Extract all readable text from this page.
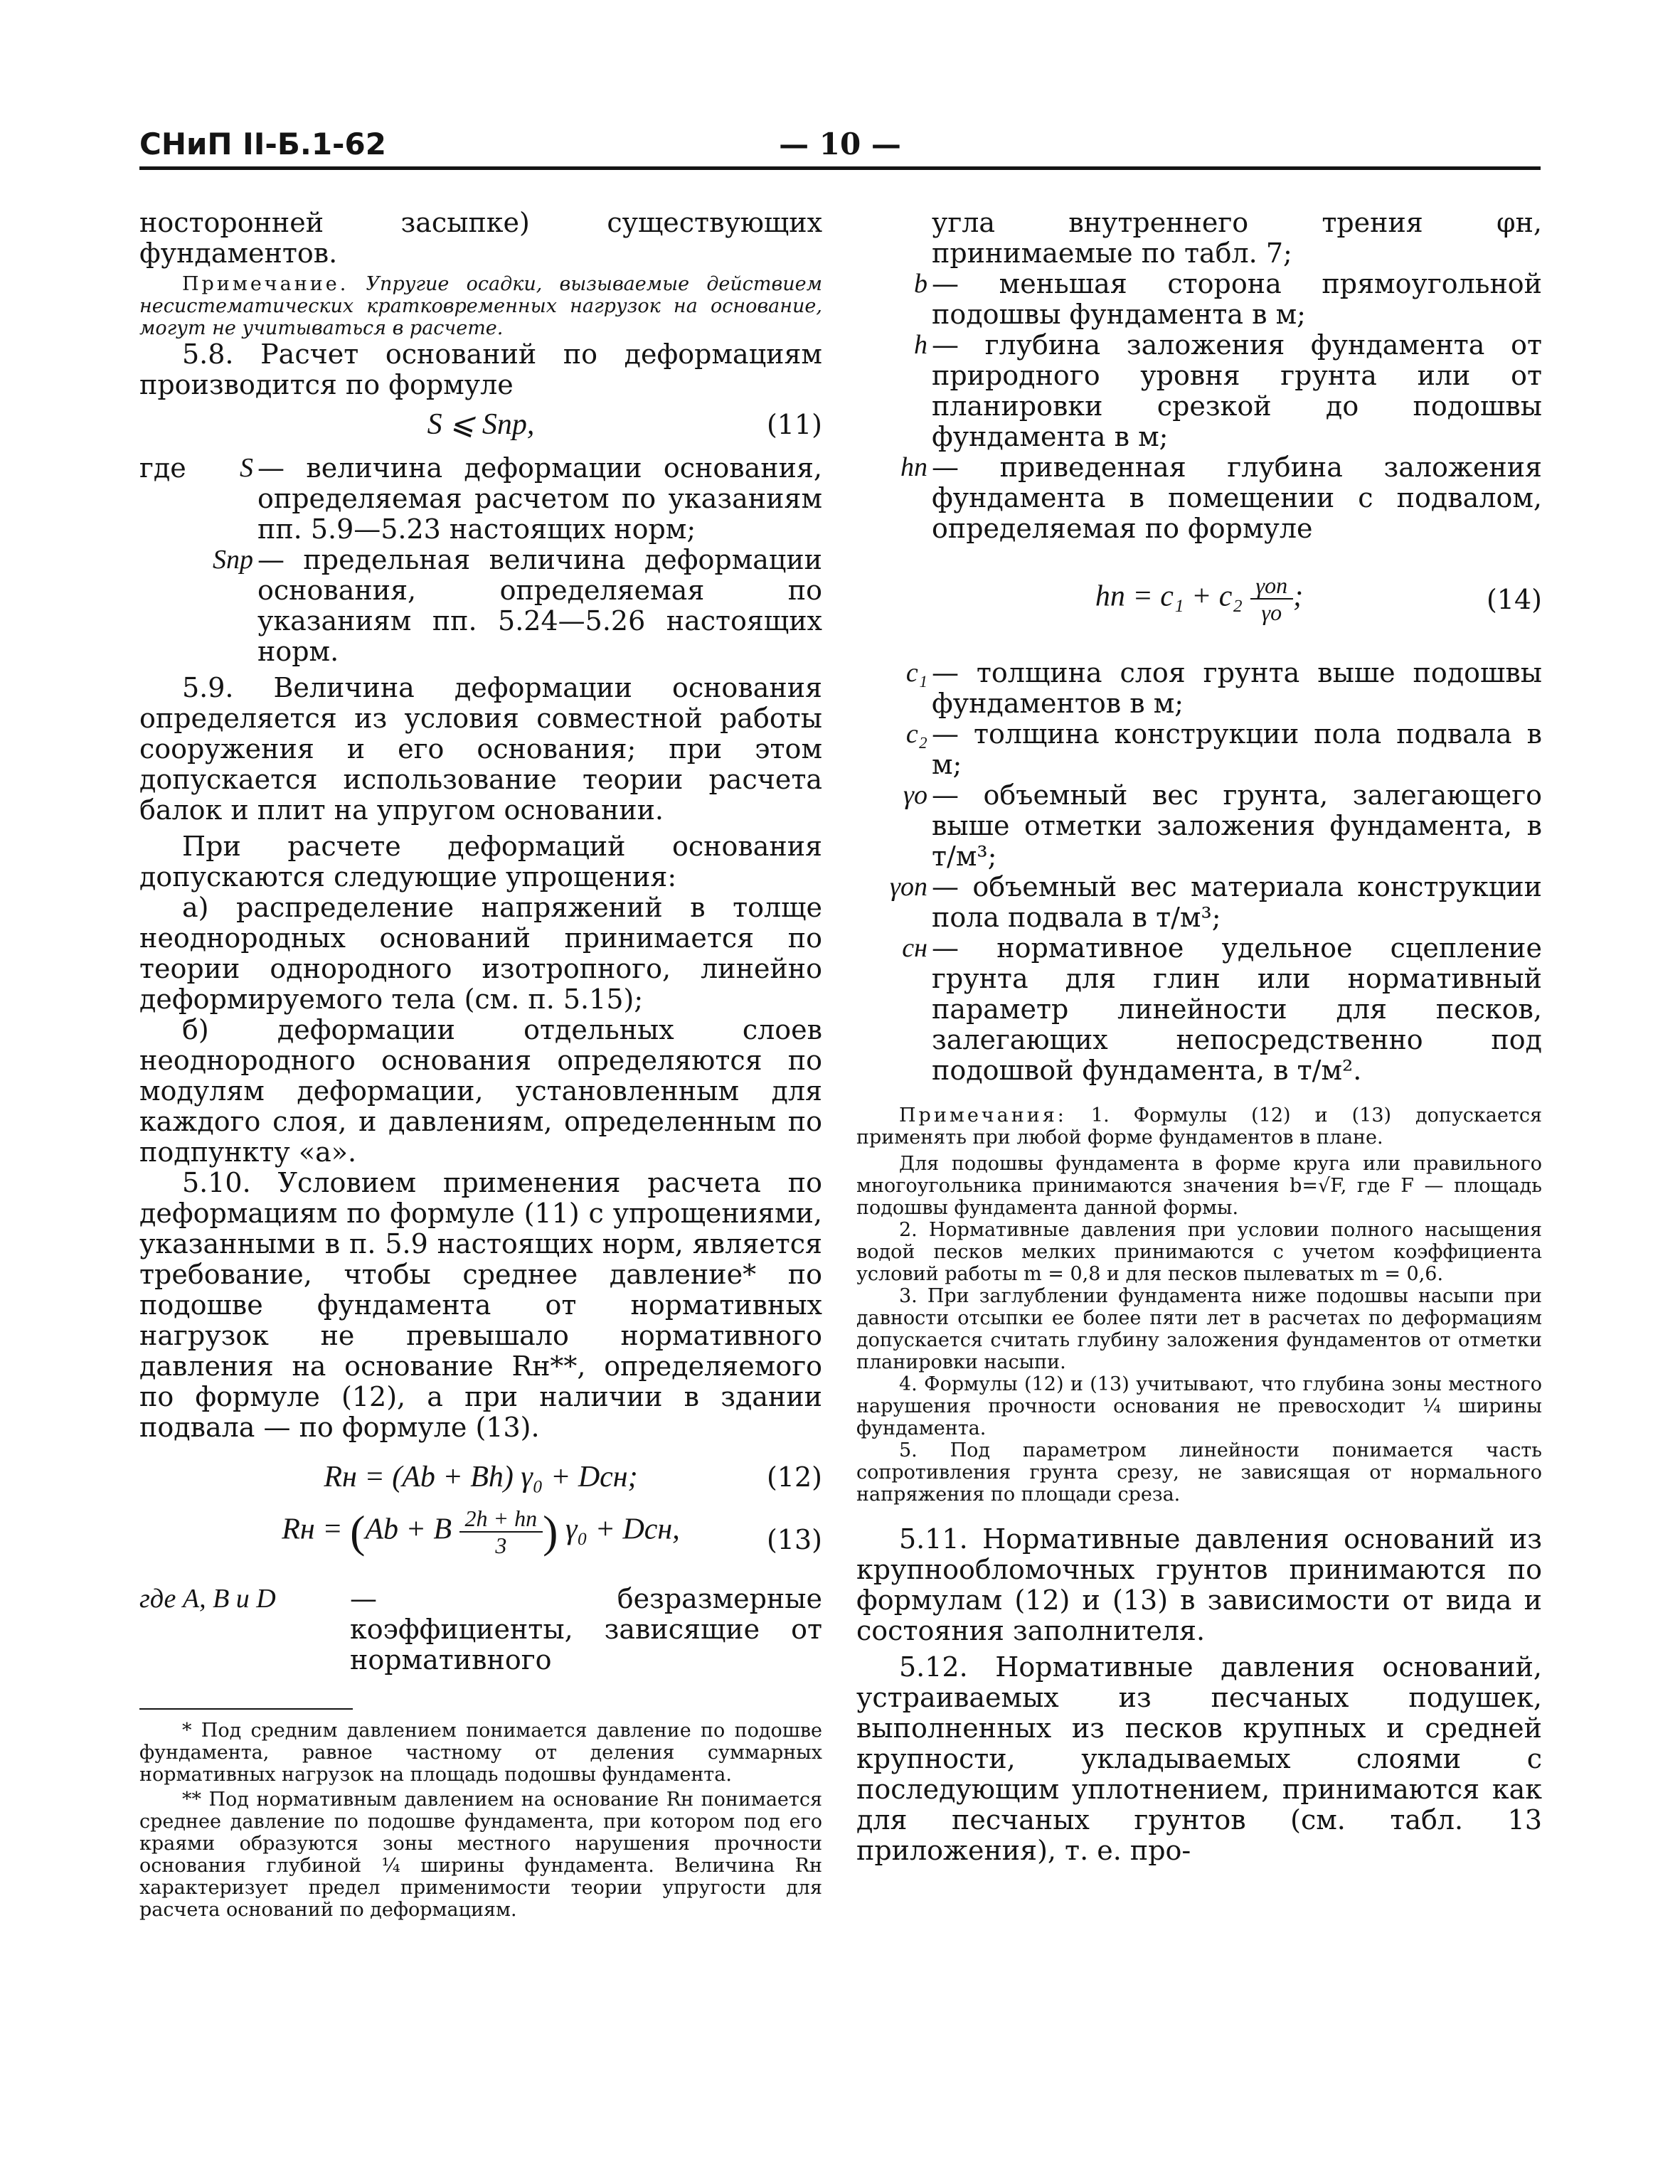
СНиП II-Б.1-62	— 10 —

носторонней засыпке) существующих фундаментов.

Примечание. Упругие осадки, вызываемые действием несистематических кратковременных нагрузок на основание, могут не учитываться в расчете.

5.8. Расчет оснований по деформациям производится по формуле

S ⩽ Sпр,	(11)
где	S	— величина деформации основания, определяемая расчетом по указаниям пп. 5.9—5.23 настоящих норм;
	Sпр	— предельная величина деформации основания, определяемая по указаниям пп. 5.24—5.26 настоящих норм.

5.9. Величина деформации основания определяется из условия совместной работы сооружения и его основания; при этом допускается использование теории расчета балок и плит на упругом основании.

При расчете деформаций основания допускаются следующие упрощения:

а) распределение напряжений в толще неоднородных оснований принимается по теории однородного изотропного, линейно деформируемого тела (см. п. 5.15);

б) деформации отдельных слоев неоднородного основания определяются по модулям деформации, установленным для каждого слоя, и давлениям, определенным по подпункту «а».

5.10. Условием применения расчета по деформациям по формуле (11) с упрощениями, указанными в п. 5.9 настоящих норм, является требование, чтобы среднее давление* по подошве фундамента от нормативных нагрузок не превышало нормативного давления на основание Rн**, определяемого по формуле (12), а при наличии в здании подвала — по формуле (13).

Rн = (Ab + Bh) γ₀ + Dcн;	(12)
Rн = (Ab + B $\frac{2h + hп}{3}$ ) γ₀ + Dcн,	(13)
где A, B и D	— безразмерные коэффициенты, зависящие от нормативного

* Под средним давлением понимается давление по подошве фундамента, равное частному от деления суммарных нормативных нагрузок на площадь подошвы фундамента.

** Под нормативным давлением на основание Rн понимается среднее давление по подошве фундамента, при котором под его краями образуются зоны местного нарушения прочности основания глубиной ¼ ширины фундамента. Величина Rн характеризует предел применимости теории упругости для расчета оснований по деформациям.

	угла внутреннего трения φн, принимаемые по табл. 7;
b	— меньшая сторона прямоугольной подошвы фундамента в м;
h	— глубина заложения фундамента от природного уровня грунта или от планировки срезкой до подошвы фундамента в м;
hп	— приведенная глубина заложения фундамента в помещении с подвалом, определяемая по формуле
hп = $c_1 + c_2 \frac{\text{γоп}}{\gamma о}$ ;	(14)
c₁	— толщина слоя грунта выше подошвы фундаментов в м;
c₂	— толщина конструкции пола подвала в м;
γо	— объемный вес грунта, залегающего выше отметки заложения фундамента, в т/м³;
γоп	— объемный вес материала конструкции пола подвала в т/м³;
cн	— нормативное удельное сцепление грунта для глин или нормативный параметр линейности для песков, залегающих непосредственно под подошвой фундамента, в т/м².

Примечания: 1. Формулы (12) и (13) допускается применять при любой форме фундаментов в плане.

Для подошвы фундамента в форме круга или правильного многоугольника принимаются значения b=√F, где F — площадь подошвы фундамента данной формы.

2. Нормативные давления при условии полного насыщения водой песков мелких принимаются с учетом коэффициента условий работы m = 0,8 и для песков пылеватых m = 0,6.

3. При заглублении фундамента ниже подошвы насыпи при давности отсыпки ее более пяти лет в расчетах по деформациям допускается считать глубину заложения фундаментов от отметки планировки насыпи.

4. Формулы (12) и (13) учитывают, что глубина зоны местного нарушения прочности основания не превосходит ¼ ширины фундамента.

5. Под параметром линейности понимается часть сопротивления грунта срезу, не зависящая от нормального напряжения по площади среза.

5.11. Нормативные давления оснований из крупнообломочных грунтов принимаются по формулам (12) и (13) в зависимости от вида и состояния заполнителя.

5.12. Нормативные давления оснований, устраиваемых из песчаных подушек, выполненных из песков крупных и средней крупности, укладываемых слоями с последующим уплотнением, принимаются как для песчаных грунтов (см. табл. 13 приложения), т. е. про-
